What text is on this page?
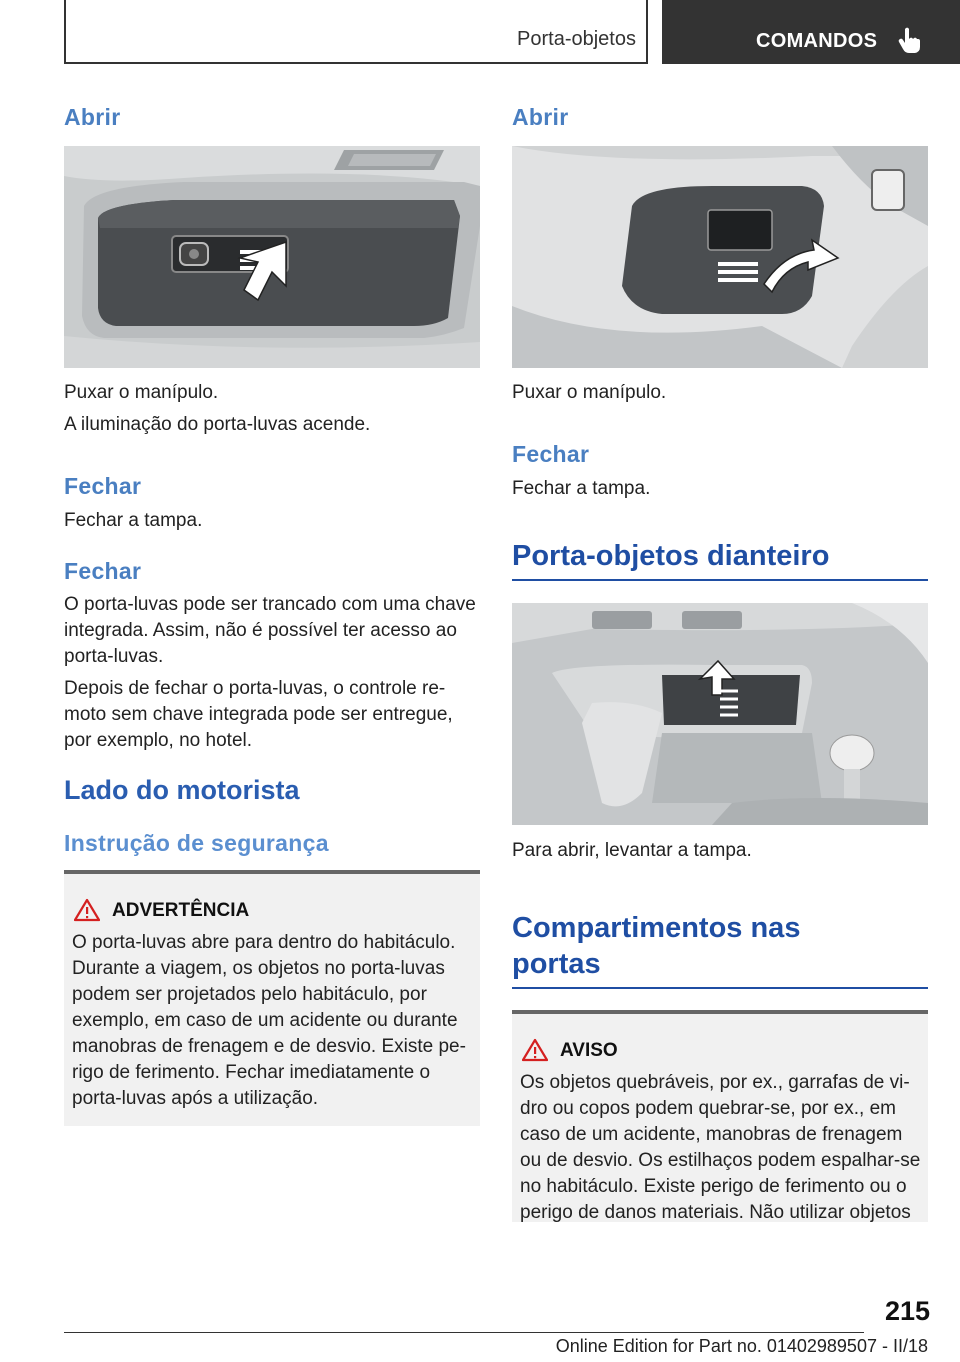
Porta-objetos	COMANDOS
Abrir

Puxar o manípulo.

A iluminação do porta-luvas acende.

Fechar

Fechar a tampa.

Fechar

O porta-luvas pode ser trancado com uma chave

integrada. Assim, não é possível ter acesso ao

porta-luvas.

Depois de fechar o porta-luvas, o controle re-

moto sem chave integrada pode ser entregue,

por exemplo, no hotel.

Lado do motorista
Instrução de segurança
ADVERTÊNCIA

O porta-luvas abre para dentro do habitáculo.

Durante a viagem, os objetos no porta-luvas

podem ser projetados pelo habitáculo, por

exemplo, em caso de um acidente ou durante

manobras de frenagem e de desvio. Existe pe-

rigo de ferimento. Fechar imediatamente o

porta-luvas após a utilização.

Abrir

Puxar o manípulo.

Fechar

Fechar a tampa.

Porta-objetos dianteiro

Para abrir, levantar a tampa.

Compartimentos nas
portas
AVISO

Os objetos quebráveis, por ex., garrafas de vi-

dro ou copos podem quebrar-se, por ex., em

caso de um acidente, manobras de frenagem

ou de desvio. Os estilhaços podem espalhar-se

no habitáculo. Existe perigo de ferimento ou o

perigo de danos materiais. Não utilizar objetos

215
Online Edition for Part no. 01402989507 - II/18
